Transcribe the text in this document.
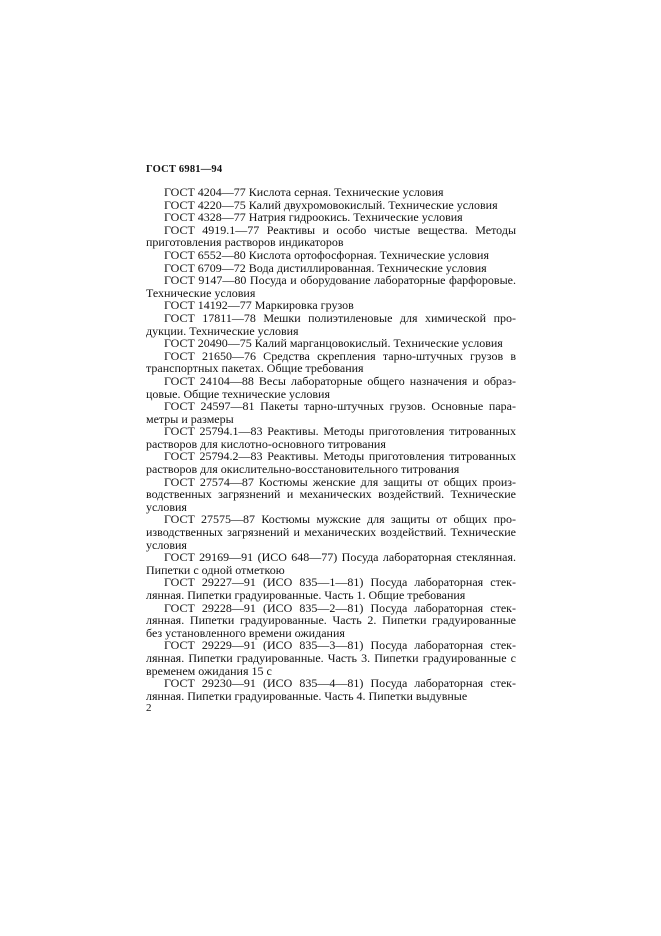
ГОСТ 6981—94

ГОСТ 4204—77 Кислота серная. Технические условия

ГОСТ 4220—75 Калий двухромовокислый. Технические условия

ГОСТ 4328—77 Натрия гидроокись. Технические условия

ГОСТ 4919.1—77 Реактивы и особо чистые вещества. Методы приготовления растворов индикаторов

ГОСТ 6552—80 Кислота ортофосфорная. Технические условия

ГОСТ 6709—72 Вода дистиллированная. Технические условия

ГОСТ 9147—80 Посуда и оборудование лабораторные фарфоровые. Технические условия

ГОСТ 14192—77 Маркировка грузов

ГОСТ 17811—78 Мешки полиэтиленовые для химической продукции. Технические условия

ГОСТ 20490—75 Калий марганцовокислый. Технические условия

ГОСТ 21650—76 Средства скрепления тарно-штучных грузов в транспортных пакетах. Общие требования

ГОСТ 24104—88 Весы лабораторные общего назначения и образцовые. Общие технические условия

ГОСТ 24597—81 Пакеты тарно-штучных грузов. Основные параметры и размеры

ГОСТ 25794.1—83 Реактивы. Методы приготовления титрованных растворов для кислотно-основного титрования

ГОСТ 25794.2—83 Реактивы. Методы приготовления титрованных растворов для окислительно-восстановительного титрования

ГОСТ 27574—87 Костюмы женские для защиты от общих производственных загрязнений и механических воздействий. Технические условия

ГОСТ 27575—87 Костюмы мужские для защиты от общих производственных загрязнений и механических воздействий. Технические условия

ГОСТ 29169—91 (ИСО 648—77) Посуда лабораторная стеклянная. Пипетки с одной отметкою

ГОСТ 29227—91 (ИСО 835—1—81) Посуда лабораторная стеклянная. Пипетки градуированные. Часть 1. Общие требования

ГОСТ 29228—91 (ИСО 835—2—81) Посуда лабораторная стеклянная. Пипетки градуированные. Часть 2. Пипетки градуированные без установленного времени ожидания

ГОСТ 29229—91 (ИСО 835—3—81) Посуда лабораторная стеклянная. Пипетки градуированные. Часть 3. Пипетки градуированные с временем ожидания 15 с

ГОСТ 29230—91 (ИСО 835—4—81) Посуда лабораторная стеклянная. Пипетки градуированные. Часть 4. Пипетки выдувные

2
